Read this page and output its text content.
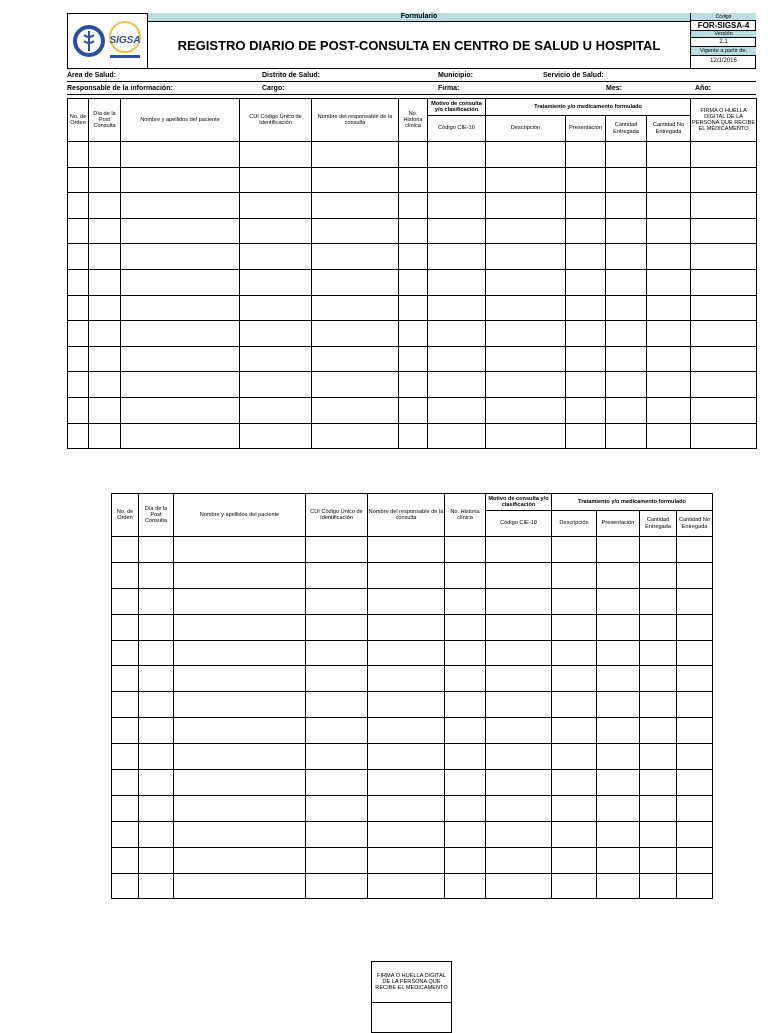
SIGSA
Formulario
REGISTRO DIARIO DE POST-CONSULTA EN CENTRO DE SALUD U HOSPITAL
Código
FOR-SIGSA-4
Versión
2.1
Vigente a partir de:
12/1/2016
Área de Salud:	Distrito de Salud:	Municipio:	Servicio de Salud:
Responsable de la información:	Cargo:	Firma:	Mes:	Año:
No. de Orden	Día de la Post Consulta	Nombre y apellidos del paciente	CUI Código Único de Identificación	Nombre del responsable de la consulta	No. Historia clínica	Motivo de consulta y/o clasificación	Tratamiento y/o medicamento formulado				FIRMA O HUELLA DIGITAL DE LA PERSONA QUE RECIBE EL MEDICAMENTO
						Código CIE-10	Descripción	Presentación	Cantidad Entregada	Cantidad No Entregada	

No. de Orden	Día de la Post Consulta	Nombre y apellidos del paciente	CUI Código Único de Identificación	Nombre del responsable de la consulta	No. Historia clínica	Motivo de consulta y/o clasificación	Tratamiento y/o medicamento formulado			
						Código CIE-10	Descripción	Presentación	Cantidad Entregada	Cantidad No Entregada

FIRMA O HUELLA DIGITAL DE LA PERSONA QUE RECIBE EL MEDICAMENTO
